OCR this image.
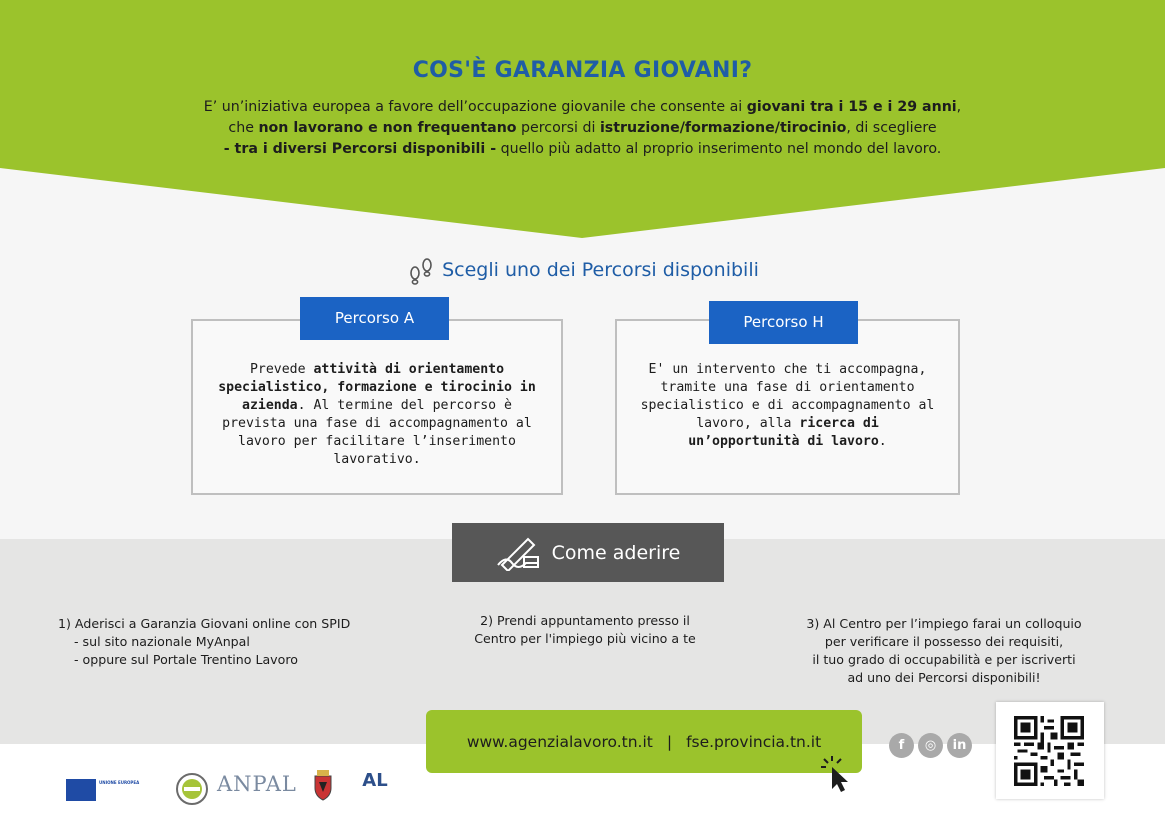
COS'È GARANZIA GIOVANI?
E’ un’iniziativa europea a favore dell’occupazione giovanile che consente ai giovani tra i 15 e i 29 anni,
che non lavorano e non frequentano percorsi di istruzione/formazione/tirocinio, di scegliere
- tra i diversi Percorsi disponibili - quello più adatto al proprio inserimento nel mondo del lavoro.
Scegli uno dei Percorsi disponibili
Prevede attività di orientamento specialistico, formazione e tirocinio in azienda. Al termine del percorso è prevista una fase di accompagnamento al lavoro per facilitare l’inserimento lavorativo.
Percorso A
E' un intervento che ti accompagna, tramite una fase di orientamento specialistico e di accompagnamento al lavoro, alla ricerca di un’opportunità di lavoro.
Percorso H
Come aderire
1) Aderisci a Garanzia Giovani online con SPID
- sul sito nazionale MyAnpal
- oppure sul Portale Trentino Lavoro
2) Prendi appuntamento presso il
Centro per l'impiego più vicino a te
3) Al Centro per l’impiego farai un colloquio
per verificare il possesso dei requisiti,
il tuo grado di occupabilità e per iscriverti
ad uno dei Percorsi disponibili!
www.agenzialavoro.tn.it | fse.provincia.tn.it	f	◎	in
UNIONE EUROPEA	ANPAL	AL
